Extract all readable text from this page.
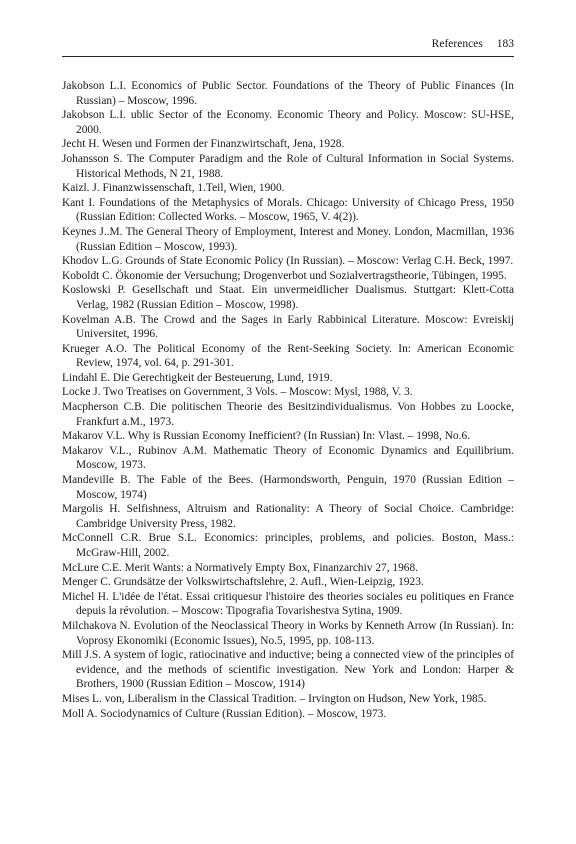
References 183
Jakobson L.I. Economics of Public Sector. Foundations of the Theory of Public Finances (In Russian) – Moscow, 1996.
Jakobson L.I. ublic Sector of the Economy. Economic Theory and Policy. Moscow: SU-HSE, 2000.
Jecht H. Wesen und Formen der Finanzwirtschaft, Jena, 1928.
Johansson S. The Computer Paradigm and the Role of Cultural Information in Social Systems. Historical Methods, N 21, 1988.
Kaizl. J. Finanzwissenschaft, 1.Teil, Wien, 1900.
Kant I. Foundations of the Metaphysics of Morals. Chicago: University of Chicago Press, 1950 (Russian Edition: Collected Works. – Moscow, 1965, V. 4(2)).
Keynes J..M. The General Theory of Employment, Interest and Money. London, Macmillan, 1936 (Russian Edition – Moscow, 1993).
Khodov L.G. Grounds of State Economic Policy (In Russian). – Moscow: Verlag C.H. Beck, 1997.
Koboldt C. Ökonomie der Versuchung; Drogenverbot und Sozialvertragstheorie, Tübingen, 1995.
Koslowski P. Gesellschaft und Staat. Ein unvermeidlicher Dualismus. Stuttgart: Klett-Cotta Verlag, 1982 (Russian Edition – Moscow, 1998).
Kovelman A.B. The Crowd and the Sages in Early Rabbinical Literature. Moscow: Evreiskij Universitet, 1996.
Krueger A.O. The Political Economy of the Rent-Seeking Society. In: American Economic Review, 1974, vol. 64, p. 291-301.
Lindahl E. Die Gerechtigkeit der Besteuerung, Lund, 1919.
Locke J. Two Treatises on Government, 3 Vols. – Moscow: Mysl, 1988, V. 3.
Macpherson C.B. Die politischen Theorie des Besitzindividualismus. Von Hobbes zu Loocke, Frankfurt a.M., 1973.
Makarov V.L. Why is Russian Economy Inefficient? (In Russian) In: Vlast. – 1998, No.6.
Makarov V.L., Rubinov A.M. Mathematic Theory of Economic Dynamics and Equilibrium. Moscow, 1973.
Mandeville B. The Fable of the Bees. (Harmondsworth, Penguin, 1970 (Russian Edition – Moscow, 1974)
Margolis H. Selfishness, Altruism and Rationality: A Theory of Social Choice. Cambridge: Cambridge University Press, 1982.
McConnell C.R. Brue S.L. Economics: principles, problems, and policies. Boston, Mass.: McGraw-Hill, 2002.
McLure C.E. Merit Wants: a Normatively Empty Box, Finanzarchiv 27, 1968.
Menger C. Grundsätze der Volkswirtschaftslehre, 2. Aufl., Wien-Leipzig, 1923.
Michel H. L'idée de l'état. Essai critiquesur l'histoire des theories sociales eu politiques en France depuis la révolution. – Moscow: Tipografia Tovarishestva Sytina, 1909.
Milchakova N. Evolution of the Neoclassical Theory in Works by Kenneth Arrow (In Russian). In: Voprosy Ekonomiki (Economic Issues), No.5, 1995, pp. 108-113.
Mill J.S. A system of logic, ratiocinative and inductive; being a connected view of the principles of evidence, and the methods of scientific investigation. New York and London: Harper & Brothers, 1900 (Russian Edition – Moscow, 1914)
Mises L. von, Liberalism in the Classical Tradition. – Irvington on Hudson, New York, 1985.
Moll A. Sociodynamics of Culture (Russian Edition). – Moscow, 1973.
